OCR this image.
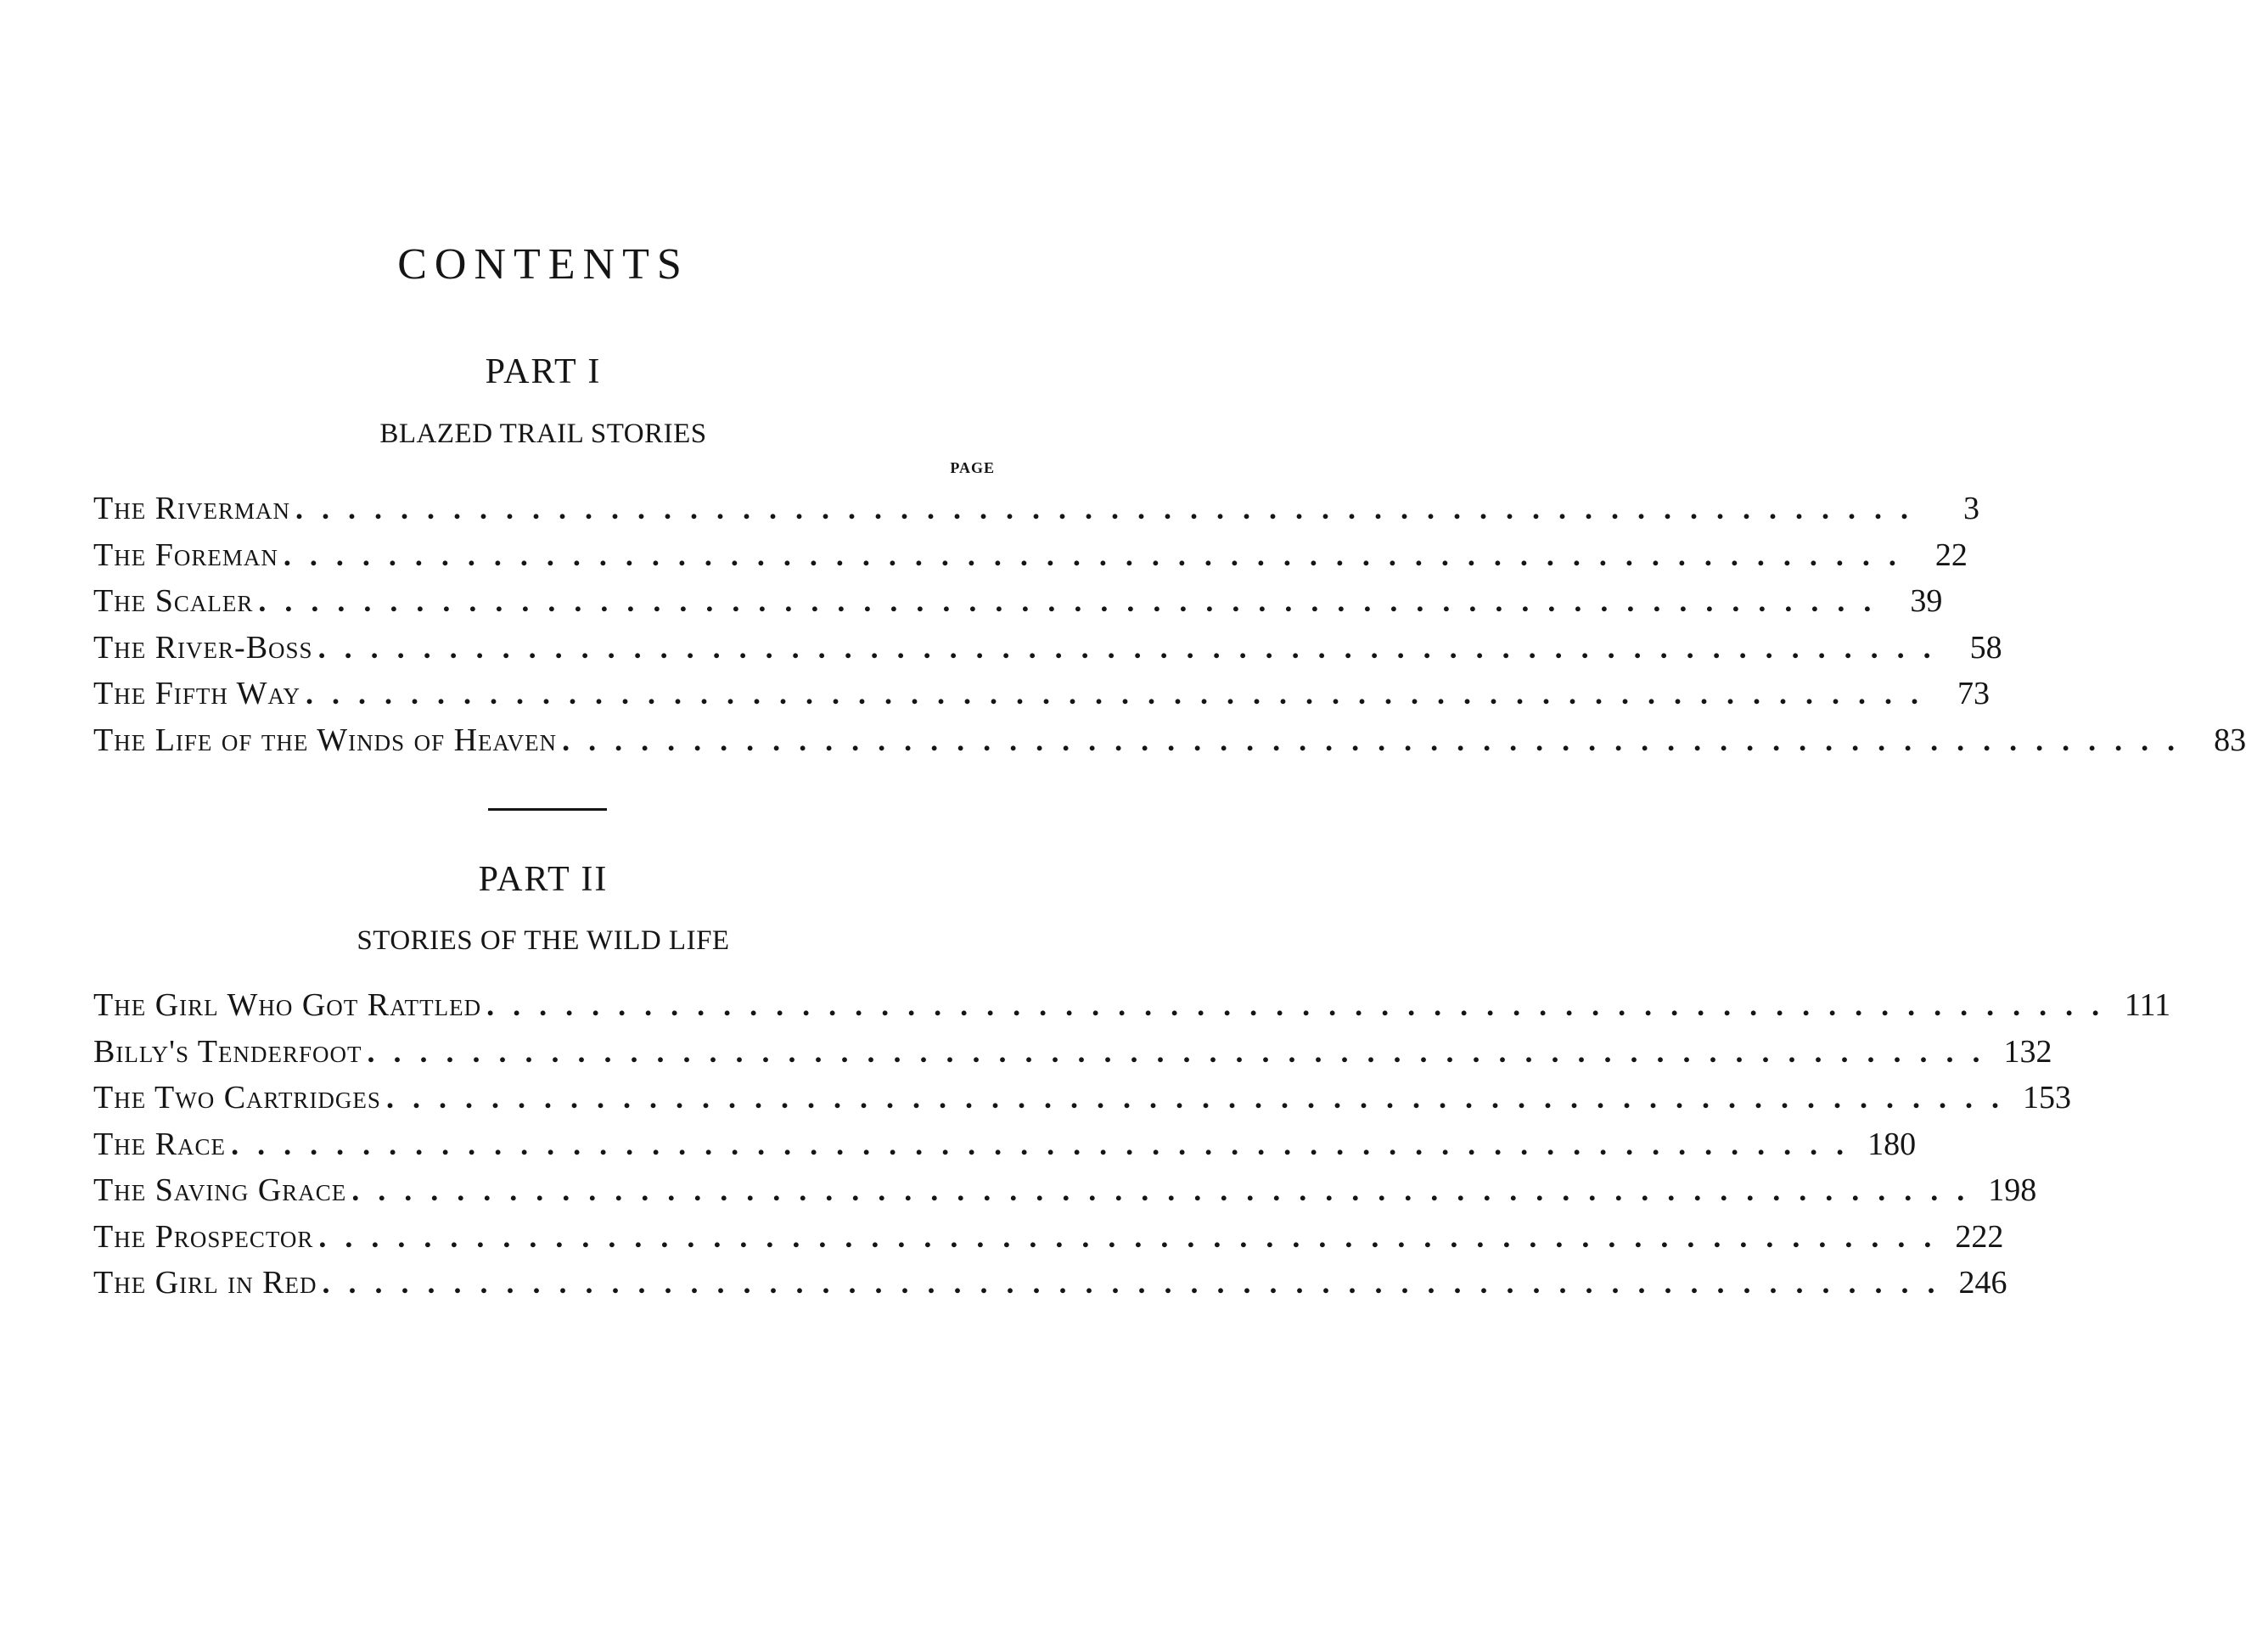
CONTENTS
PART I
BLAZED TRAIL STORIES
PAGE
The Riverman ..............................................................	3
The Foreman .............................................................. 22
The Scaler .............................................................. 39
The River-Boss .............................................................. 58
The Fifth Way .............................................................. 73
The Life of the Winds of Heaven .............................................................. 83
PART II
STORIES OF THE WILD LIFE
The Girl Who Got Rattled .............................................................. 111
Billy's Tenderfoot .............................................................. 132
The Two Cartridges .............................................................. 153
The Race .............................................................. 180
The Saving Grace .............................................................. 198
The Prospector .............................................................. 222
The Girl in Red .............................................................. 246
